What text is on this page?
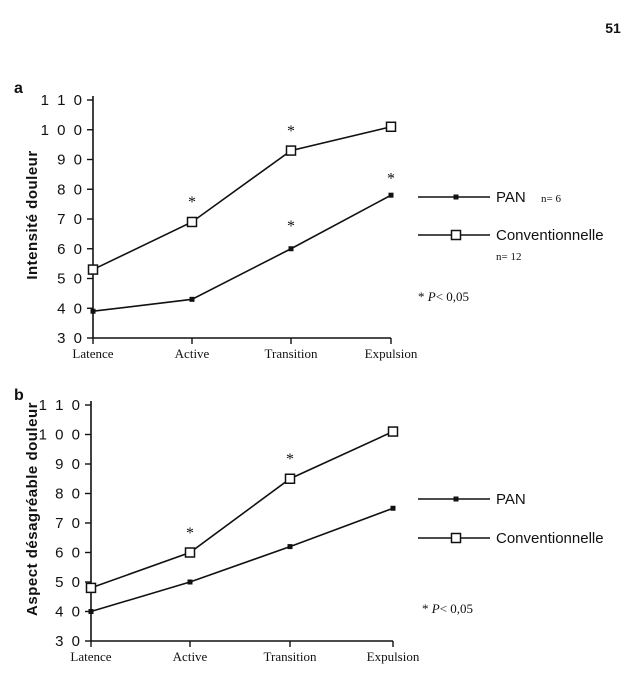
51
a
Intensité douleur
3 0
4 0
5 0
6 0
7 0
8 0
9 0
1 0 0
1 1 0
Latence	Active	Transition	Expulsion
PAN n= 6
Conventionnelle
n= 12
*
*
*
*
* P< 0,05
b
Aspect désagréable douleur
3 0
4 0
5 0
6 0
7 0
8 0
9 0
1 0 0
1 1 0
Latence	Active	Transition	Expulsion
PAN
Conventionnelle
*
*
* P< 0,05
